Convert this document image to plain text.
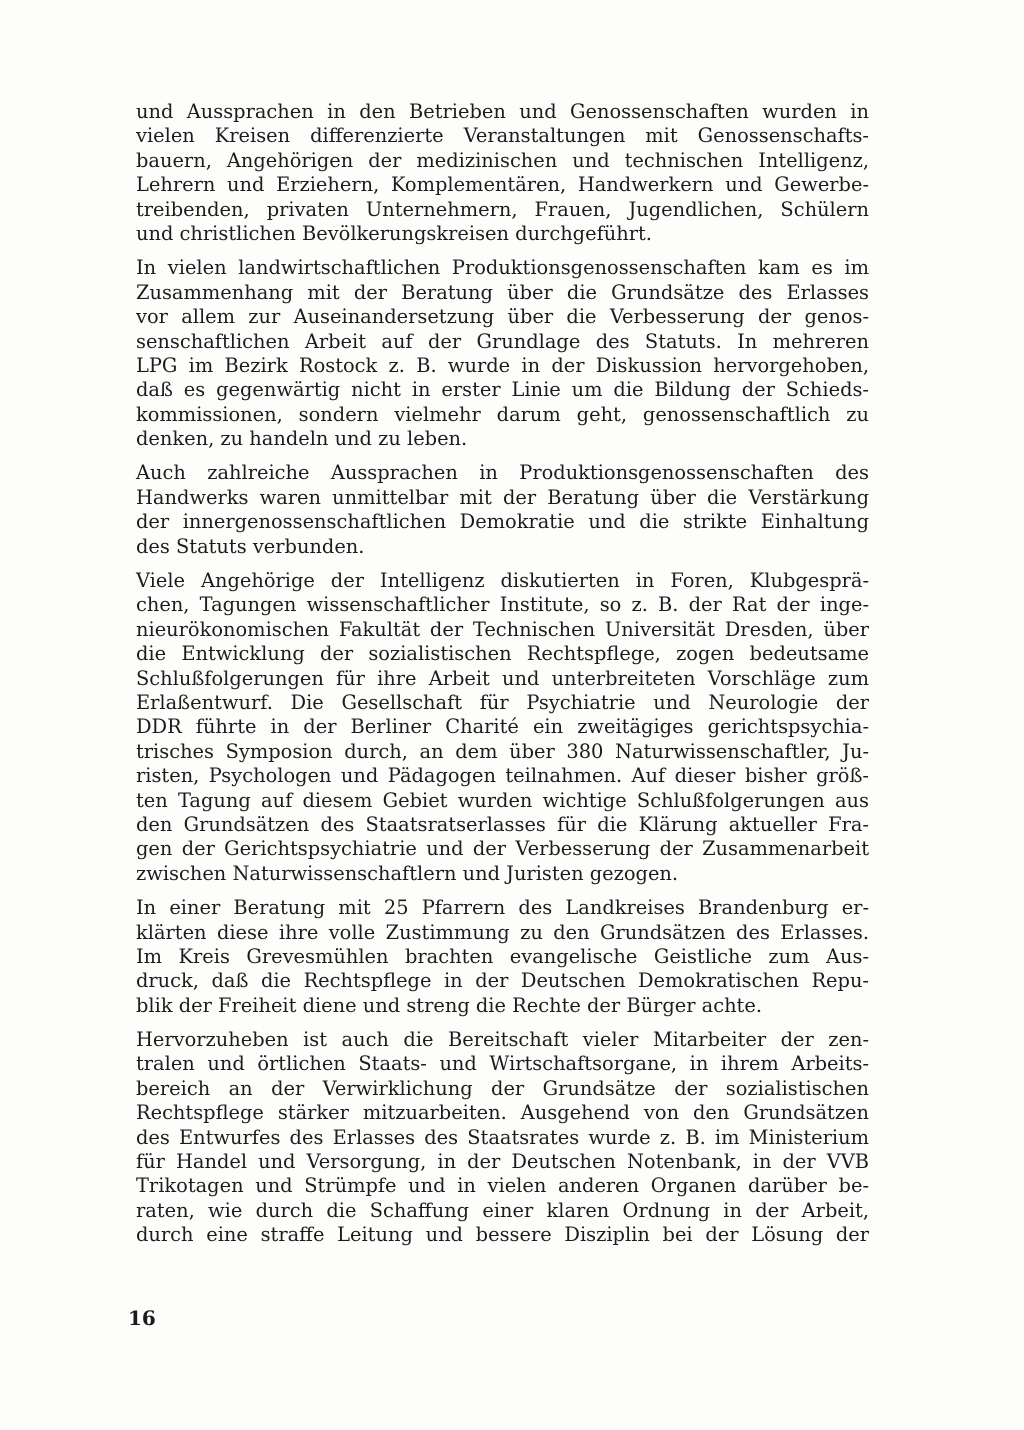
und Aussprachen in den Betrieben und Genossenschaften wurden in
vielen Kreisen differenzierte Veranstaltungen mit Genossenschafts-
bauern, Angehörigen der medizinischen und technischen Intelligenz,
Lehrern und Erziehern, Komplementären, Handwerkern und Gewerbe-
treibenden, privaten Unternehmern, Frauen, Jugendlichen, Schülern
und christlichen Bevölkerungskreisen durchgeführt.
In vielen landwirtschaftlichen Produktionsgenossenschaften kam es im
Zusammenhang mit der Beratung über die Grundsätze des Erlasses
vor allem zur Auseinandersetzung über die Verbesserung der genos-
senschaftlichen Arbeit auf der Grundlage des Statuts. In mehreren
LPG im Bezirk Rostock z. B. wurde in der Diskussion hervorgehoben,
daß es gegenwärtig nicht in erster Linie um die Bildung der Schieds-
kommissionen, sondern vielmehr darum geht, genossenschaftlich zu
denken, zu handeln und zu leben.
Auch zahlreiche Aussprachen in Produktionsgenossenschaften des
Handwerks waren unmittelbar mit der Beratung über die Verstärkung
der innergenossenschaftlichen Demokratie und die strikte Einhaltung
des Statuts verbunden.
Viele Angehörige der Intelligenz diskutierten in Foren, Klubgesprä-
chen, Tagungen wissenschaftlicher Institute, so z. B. der Rat der inge-
nieurökonomischen Fakultät der Technischen Universität Dresden, über
die Entwicklung der sozialistischen Rechtspflege, zogen bedeutsame
Schlußfolgerungen für ihre Arbeit und unterbreiteten Vorschläge zum
Erlaßentwurf. Die Gesellschaft für Psychiatrie und Neurologie der
DDR führte in der Berliner Charité ein zweitägiges gerichtspsychia-
trisches Symposion durch, an dem über 380 Naturwissenschaftler, Ju-
risten, Psychologen und Pädagogen teilnahmen. Auf dieser bisher größ-
ten Tagung auf diesem Gebiet wurden wichtige Schlußfolgerungen aus
den Grundsätzen des Staatsratserlasses für die Klärung aktueller Fra-
gen der Gerichtspsychiatrie und der Verbesserung der Zusammenarbeit
zwischen Naturwissenschaftlern und Juristen gezogen.
In einer Beratung mit 25 Pfarrern des Landkreises Brandenburg er-
klärten diese ihre volle Zustimmung zu den Grundsätzen des Erlasses.
Im Kreis Grevesmühlen brachten evangelische Geistliche zum Aus-
druck, daß die Rechtspflege in der Deutschen Demokratischen Repu-
blik der Freiheit diene und streng die Rechte der Bürger achte.
Hervorzuheben ist auch die Bereitschaft vieler Mitarbeiter der zen-
tralen und örtlichen Staats- und Wirtschaftsorgane, in ihrem Arbeits-
bereich an der Verwirklichung der Grundsätze der sozialistischen
Rechtspflege stärker mitzuarbeiten. Ausgehend von den Grundsätzen
des Entwurfes des Erlasses des Staatsrates wurde z. B. im Ministerium
für Handel und Versorgung, in der Deutschen Notenbank, in der VVB
Trikotagen und Strümpfe und in vielen anderen Organen darüber be-
raten, wie durch die Schaffung einer klaren Ordnung in der Arbeit,
durch eine straffe Leitung und bessere Disziplin bei der Lösung der
16
